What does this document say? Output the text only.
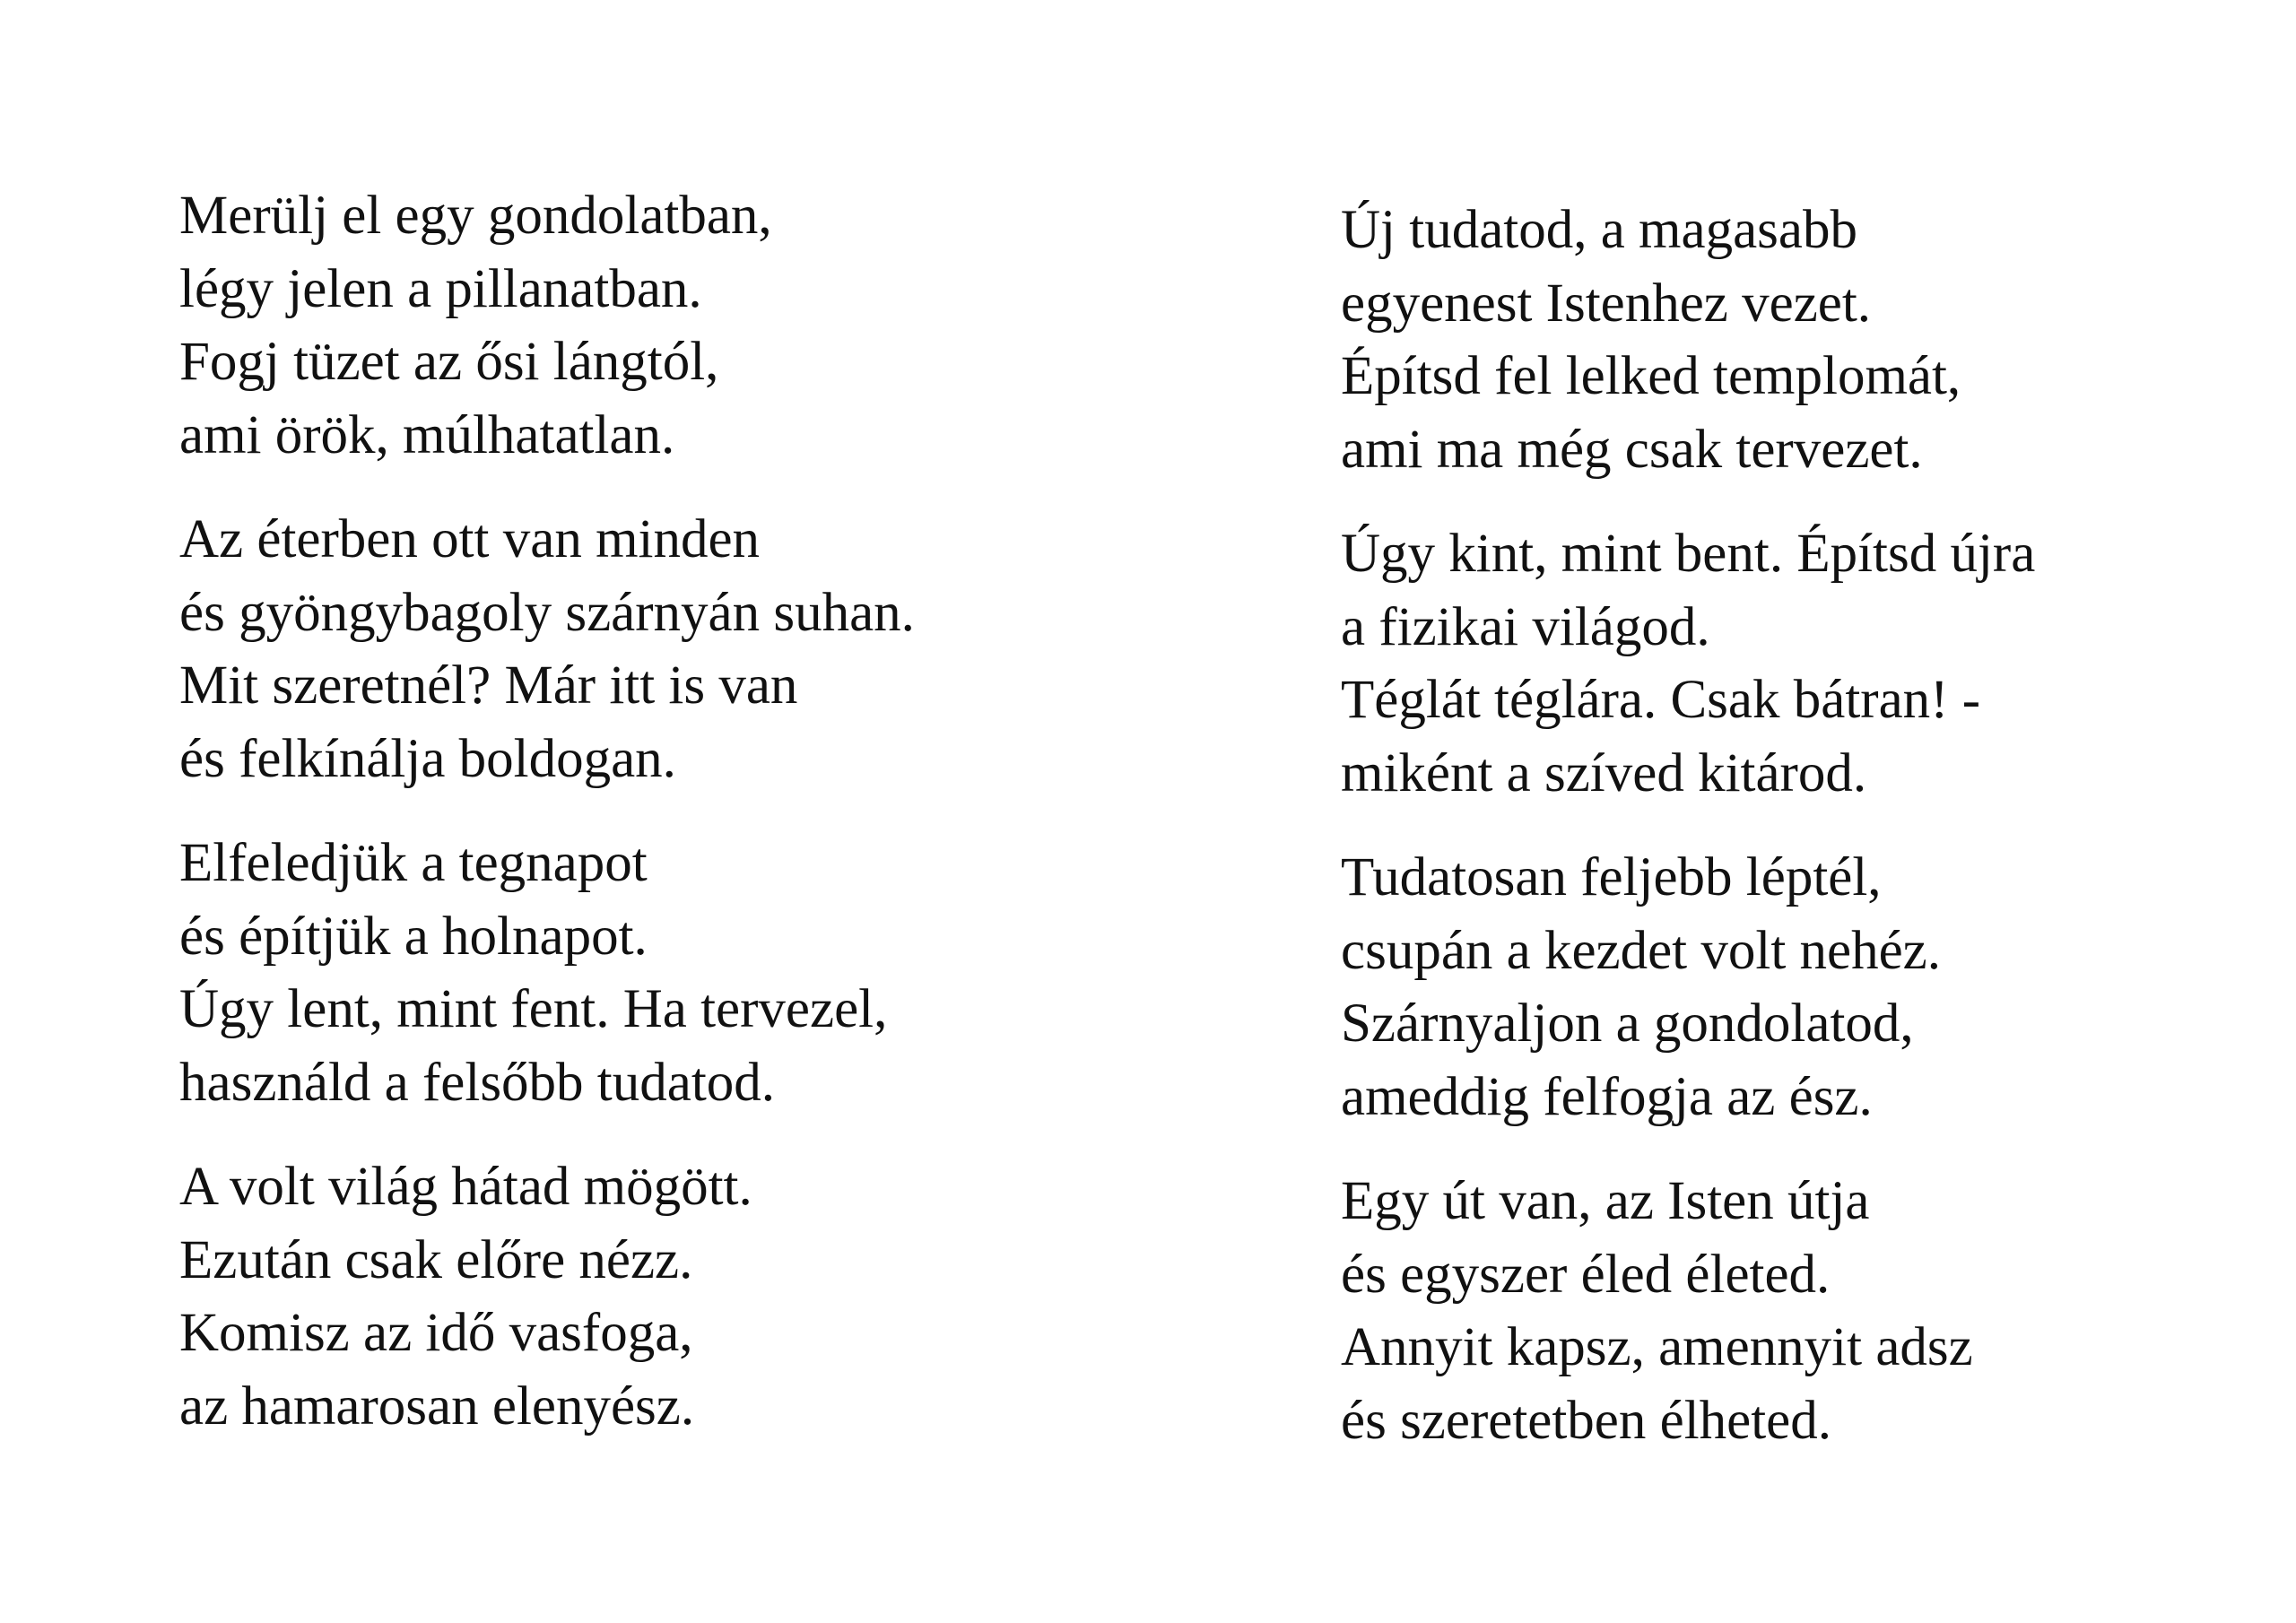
Merülj el egy gondolatban,
légy jelen a pillanatban.
Fogj tüzet az ősi lángtól,
ami örök, múlhatatlan.
Az éterben ott van minden
és gyöngybagoly szárnyán suhan.
Mit szeretnél? Már itt is van
és felkínálja boldogan.
Elfeledjük a tegnapot
és építjük a holnapot.
Úgy lent, mint fent. Ha tervezel,
használd a felsőbb tudatod.
A volt világ hátad mögött.
Ezután csak előre nézz.
Komisz az idő vasfoga,
az hamarosan elenyész.
Új tudatod, a magasabb
egyenest Istenhez vezet.
Építsd fel lelked templomát,
ami ma még csak tervezet.
Úgy kint, mint bent. Építsd újra
a fizikai világod.
Téglát téglára. Csak bátran! -
miként a szíved kitárod.
Tudatosan feljebb léptél,
csupán a kezdet volt nehéz.
Szárnyaljon a gondolatod,
ameddig felfogja az ész.
Egy út van, az Isten útja
és egyszer éled életed.
Annyit kapsz, amennyit adsz
és szeretetben élheted.
